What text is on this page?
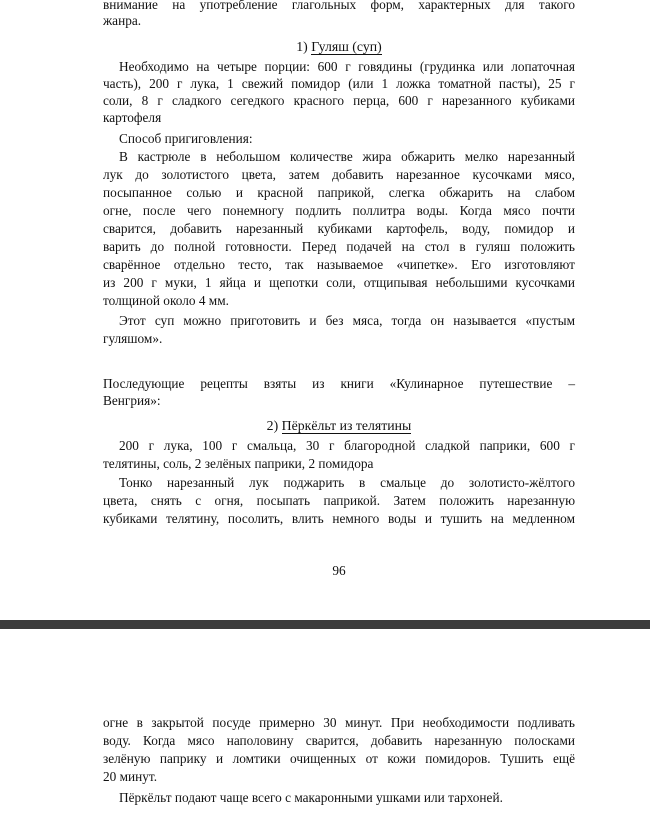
внимание на употребление глагольных форм, характерных для такого
жанра.
1) Гуляш (суп)
Необходимо на четыре порции: 600 г говядины (грудинка или лопаточная
часть), 200 г лука, 1 свежий помидор (или 1 ложка томатной пасты), 25 г
соли, 8 г сладкого сегедкого красного перца, 600 г нарезанного кубиками
картофеля
Способ пригиговления:
В кастрюле в небольшом количестве жира обжарить мелко нарезанный
лук до золотистого цвета, затем добавить нарезанное кусочками мясо,
посыпанное солью и красной паприкой, слегка обжарить на слабом
огне, после чего понемногу подлить поллитра воды. Когда мясо почти
сварится, добавить нарезанный кубиками картофель, воду, помидор и
варить до полной готовности. Перед подачей на стол в гуляш положить
сварённое отдельно тесто, так называемое «чипетке». Его изготовляют
из 200 г муки, 1 яйца и щепотки соли, отщипывая небольшими кусочками
толщиной около 4 мм.
Этот суп можно приготовить и без мяса, тогда он называется «пустым
гуляшом».
Последующие рецепты взяты из книги «Кулинарное путешествие –
Венгрия»:
2) Пёркёльт из телятины
200 г лука, 100 г смальца, 30 г благородной сладкой паприки, 600 г
телятины, соль, 2 зелёных паприки, 2 помидора
Тонко нарезанный лук поджарить в смальце до золотисто-жёлтого
цвета, снять с огня, посыпать паприкой. Затем положить нарезанную
кубиками телятину, посолить, влить немного воды и тушить на медленном
96
огне в закрытой посуде примерно 30 минут. При необходимости подливать
воду. Когда мясо наполовину сварится, добавить нарезанную полосками
зелёную паприку и ломтики очищенных от кожи помидоров. Тушить ещё
20 минут.
Пёркёльт подают чаще всего с макаронными ушками или тархоней.
